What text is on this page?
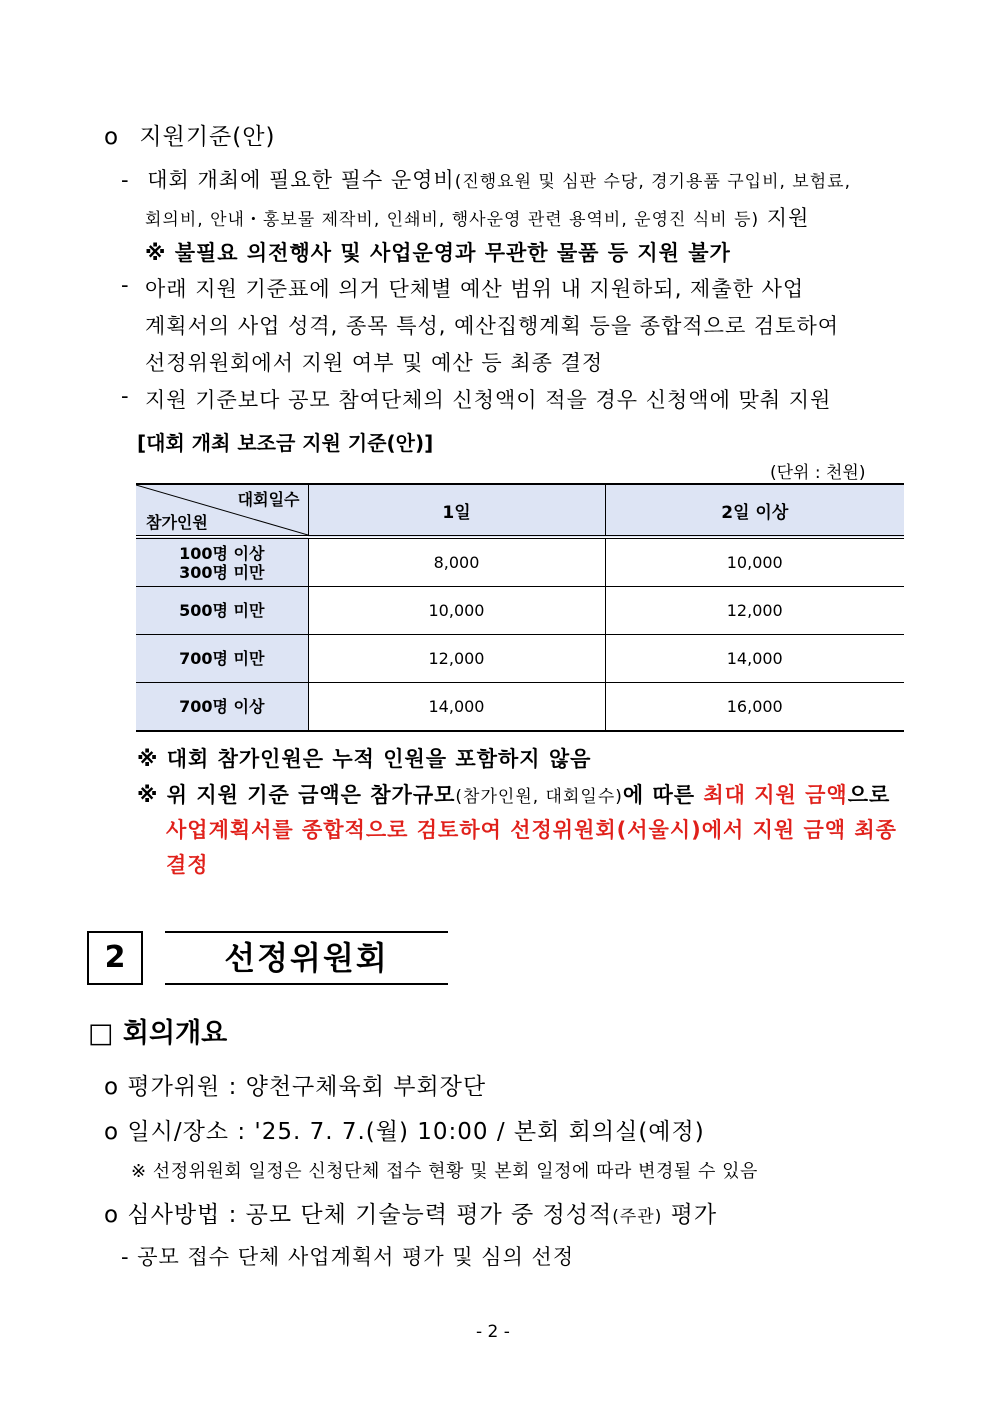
ο 지원기준(안)
- 대회 개최에 필요한 필수 운영비(진행요원 및 심판 수당, 경기용품 구입비, 보험료,
회의비, 안내・홍보물 제작비, 인쇄비, 행사운영 관련 용역비, 운영진 식비 등) 지원
※ 불필요 의전행사 및 사업운영과 무관한 물품 등 지원 불가
- 아래 지원 기준표에 의거 단체별 예산 범위 내 지원하되, 제출한 사업
계획서의 사업 성격, 종목 특성, 예산집행계획 등을 종합적으로 검토하여
선정위원회에서 지원 여부 및 예산 등 최종 결정
- 지원 기준보다 공모 참여단체의 신청액이 적을 경우 신청액에 맞춰 지원
[대회 개최 보조금 지원 기준(안)]
(단위 : 천원)
대회일수
참가인원	1일	2일 이상
100명 이상
300명 미만	8,000	10,000
500명 미만	10,000	12,000
700명 미만	12,000	14,000
700명 이상	14,000	16,000
※ 대회 참가인원은 누적 인원을 포함하지 않음
※ 위 지원 기준 금액은 참가규모(참가인원, 대회일수)에 따른 최대 지원 금액으로
사업계획서를 종합적으로 검토하여 선정위원회(서울시)에서 지원 금액 최종
결정
2	선정위원회
□ 회의개요
ο 평가위원 : 양천구체육회 부회장단
ο 일시/장소 : '25. 7. 7.(월) 10:00 / 본회 회의실(예정)
※ 선정위원회 일정은 신청단체 접수 현황 및 본회 일정에 따라 변경될 수 있음
ο 심사방법 : 공모 단체 기술능력 평가 중 정성적(주관) 평가
- 공모 접수 단체 사업계획서 평가 및 심의 선정
- 2 -
